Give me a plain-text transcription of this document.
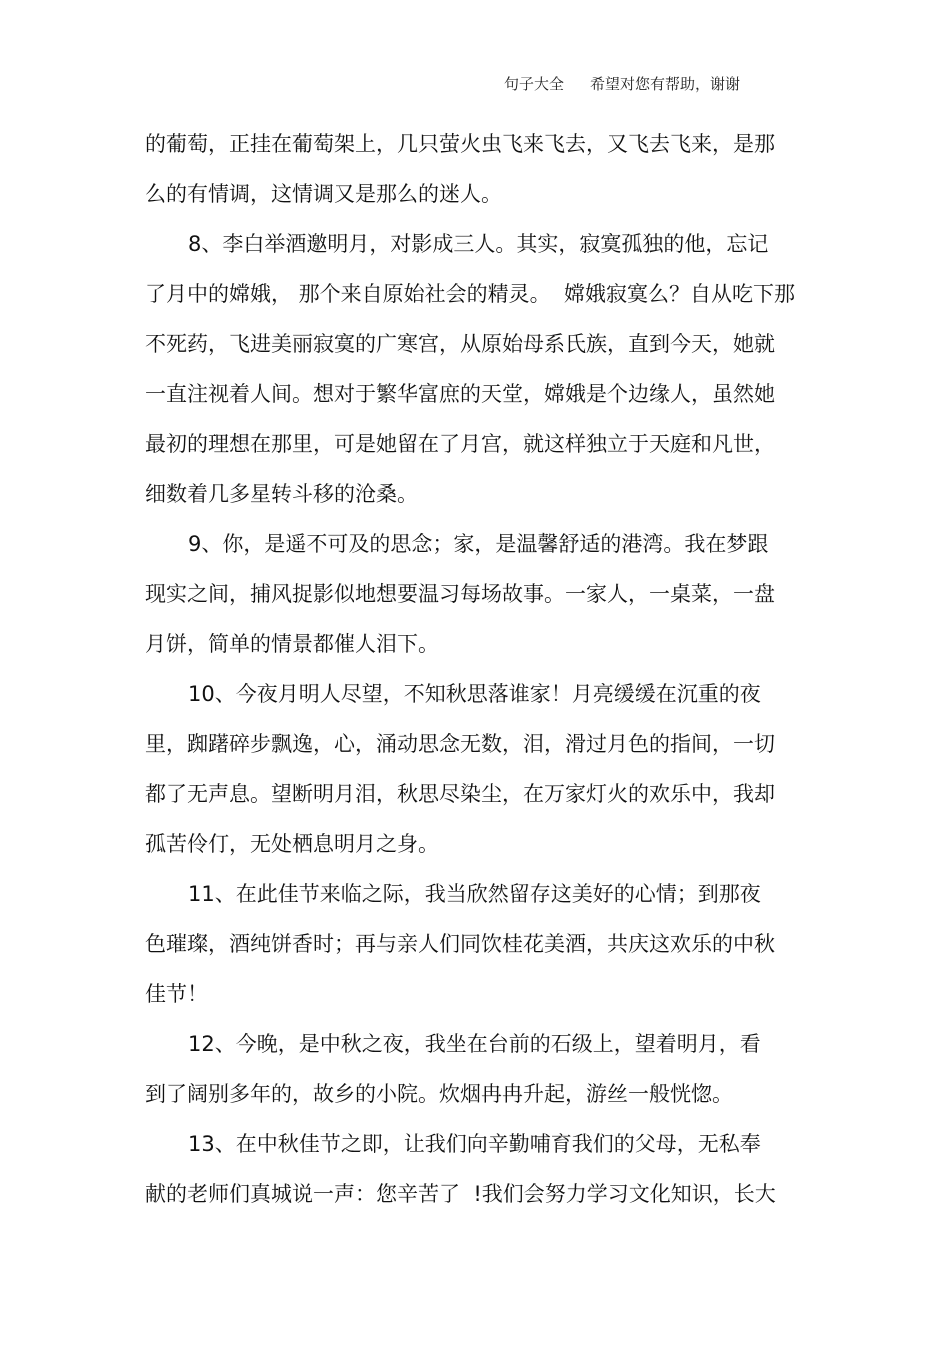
句子大全 希望对您有帮助，谢谢
的葡萄，正挂在葡萄架上，几只萤火虫飞来飞去，又飞去飞来，是那
么的有情调，这情调又是那么的迷人。
8、李白举酒邀明月，对影成三人。其实，寂寞孤独的他，忘记
了月中的嫦娥， 那个来自原始社会的精灵。  嫦娥寂寞么？自从吃下那
不死药，飞进美丽寂寞的广寒宫，从原始母系氏族，直到今天，她就
一直注视着人间。想对于繁华富庶的天堂，嫦娥是个边缘人，虽然她
最初的理想在那里，可是她留在了月宫，就这样独立于天庭和凡世，
细数着几多星转斗移的沧桑。
9、你，是遥不可及的思念；家，是温馨舒适的港湾。我在梦跟
现实之间，捕风捉影似地想要温习每场故事。一家人，一桌菜，一盘
月饼，简单的情景都催人泪下。
10、今夜月明人尽望，不知秋思落谁家！月亮缓缓在沉重的夜
里，踟躇碎步飘逸，心，涌动思念无数，泪，滑过月色的指间，一切
都了无声息。望断明月泪，秋思尽染尘，在万家灯火的欢乐中，我却
孤苦伶仃，无处栖息明月之身。
11、在此佳节来临之际，我当欣然留存这美好的心情；到那夜
色璀璨，酒纯饼香时；再与亲人们同饮桂花美酒，共庆这欢乐的中秋
佳节！
12、今晚，是中秋之夜，我坐在台前的石级上，望着明月，看
到了阔别多年的，故乡的小院。炊烟冉冉升起，游丝一般恍惚。
13、在中秋佳节之即，让我们向辛勤哺育我们的父母，无私奉
献的老师们真城说一声：您辛苦了  !我们会努力学习文化知识，长大
